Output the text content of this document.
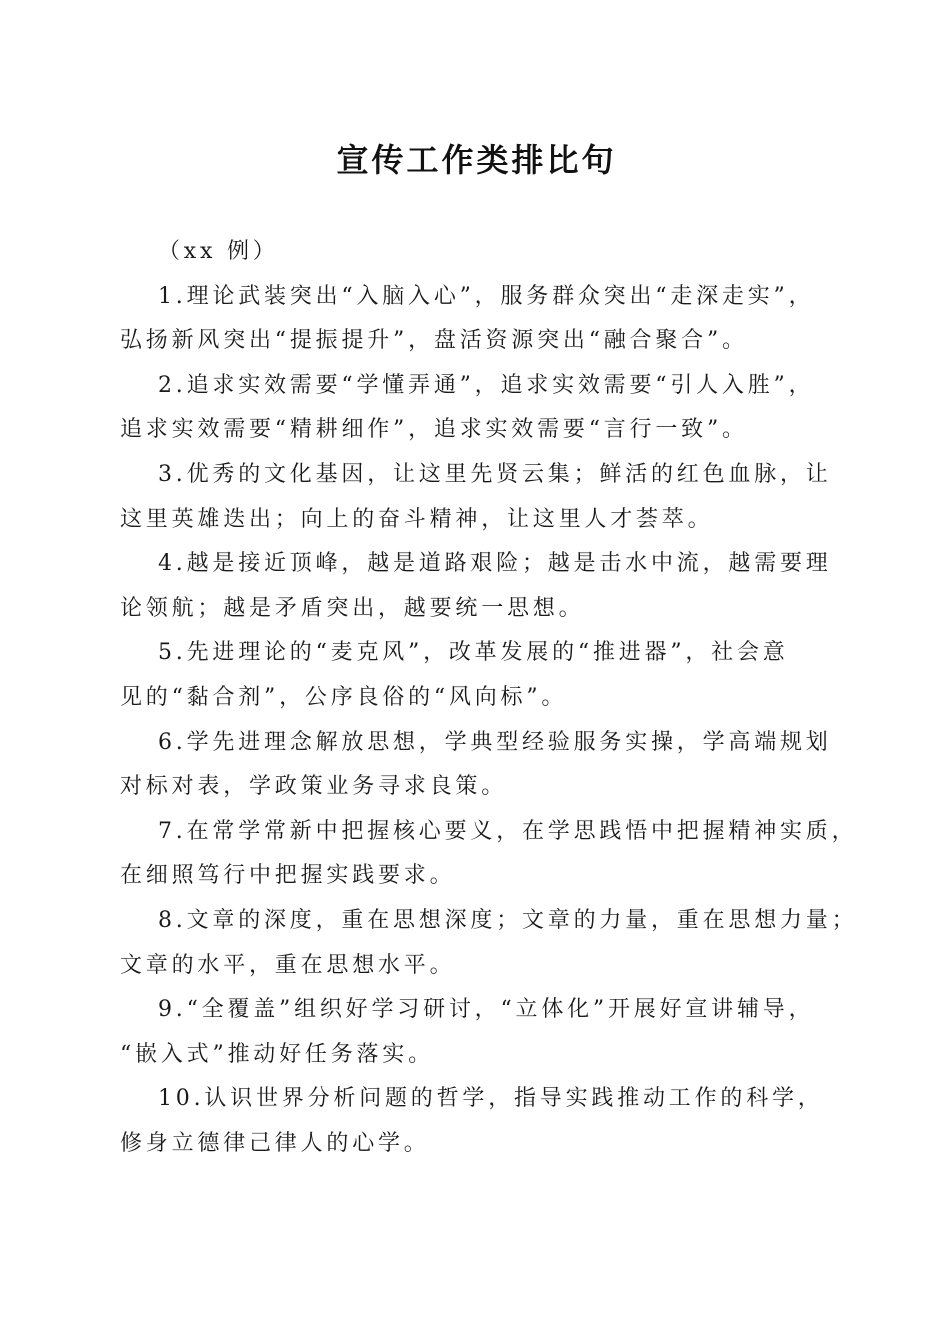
宣传工作类排比句
（xx 例）
1.理论武装突出“入脑入心”，服务群众突出“走深走实”，
弘扬新风突出“提振提升”，盘活资源突出“融合聚合”。
2.追求实效需要“学懂弄通”，追求实效需要“引人入胜”，
追求实效需要“精耕细作”，追求实效需要“言行一致”。
3.优秀的文化基因，让这里先贤云集；鲜活的红色血脉，让
这里英雄迭出；向上的奋斗精神，让这里人才荟萃。
4.越是接近顶峰，越是道路艰险；越是击水中流，越需要理
论领航；越是矛盾突出，越要统一思想。
5.先进理论的“麦克风”，改革发展的“推进器”，社会意
见的“黏合剂”，公序良俗的“风向标”。
6.学先进理念解放思想，学典型经验服务实操，学高端规划
对标对表，学政策业务寻求良策。
7.在常学常新中把握核心要义，在学思践悟中把握精神实质，
在细照笃行中把握实践要求。
8.文章的深度，重在思想深度；文章的力量，重在思想力量；
文章的水平，重在思想水平。
9.“全覆盖”组织好学习研讨，“立体化”开展好宣讲辅导，
“嵌入式”推动好任务落实。
10.认识世界分析问题的哲学，指导实践推动工作的科学，
修身立德律己律人的心学。
